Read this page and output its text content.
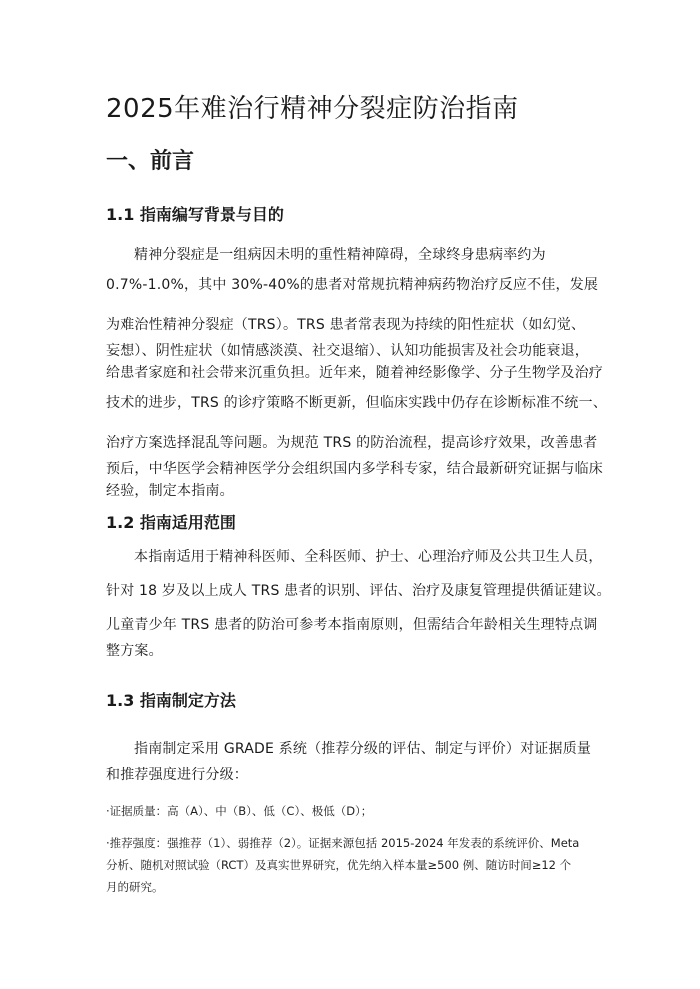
2025年难治行精神分裂症防治指南
一、前言
1.1 指南编写背景与目的
精神分裂症是一组病因未明的重性精神障碍，全球终身患病率约为
0.7%-1.0%，其中 30%-40%的患者对常规抗精神病药物治疗反应不佳，发展
为难治性精神分裂症（TRS）。TRS 患者常表现为持续的阳性症状（如幻觉、
妄想）、阴性症状（如情感淡漠、社交退缩）、认知功能损害及社会功能衰退，
给患者家庭和社会带来沉重负担。近年来，随着神经影像学、分子生物学及治疗
技术的进步，TRS 的诊疗策略不断更新，但临床实践中仍存在诊断标准不统一、
治疗方案选择混乱等问题。为规范 TRS 的防治流程，提高诊疗效果，改善患者
预后，中华医学会精神医学分会组织国内多学科专家，结合最新研究证据与临床
经验，制定本指南。
1.2 指南适用范围
本指南适用于精神科医师、全科医师、护士、心理治疗师及公共卫生人员，
针对 18 岁及以上成人 TRS 患者的识别、评估、治疗及康复管理提供循证建议。
儿童青少年 TRS 患者的防治可参考本指南原则，但需结合年龄相关生理特点调
整方案。
1.3 指南制定方法
指南制定采用 GRADE 系统（推荐分级的评估、制定与评价）对证据质量
和推荐强度进行分级：
·证据质量：高（A）、中（B）、低（C）、极低（D）；
·推荐强度：强推荐（1）、弱推荐（2）。证据来源包括 2015-2024 年发表的系统评价、Meta
分析、随机对照试验（RCT）及真实世界研究，优先纳入样本量≥500 例、随访时间≥12 个
月的研究。
